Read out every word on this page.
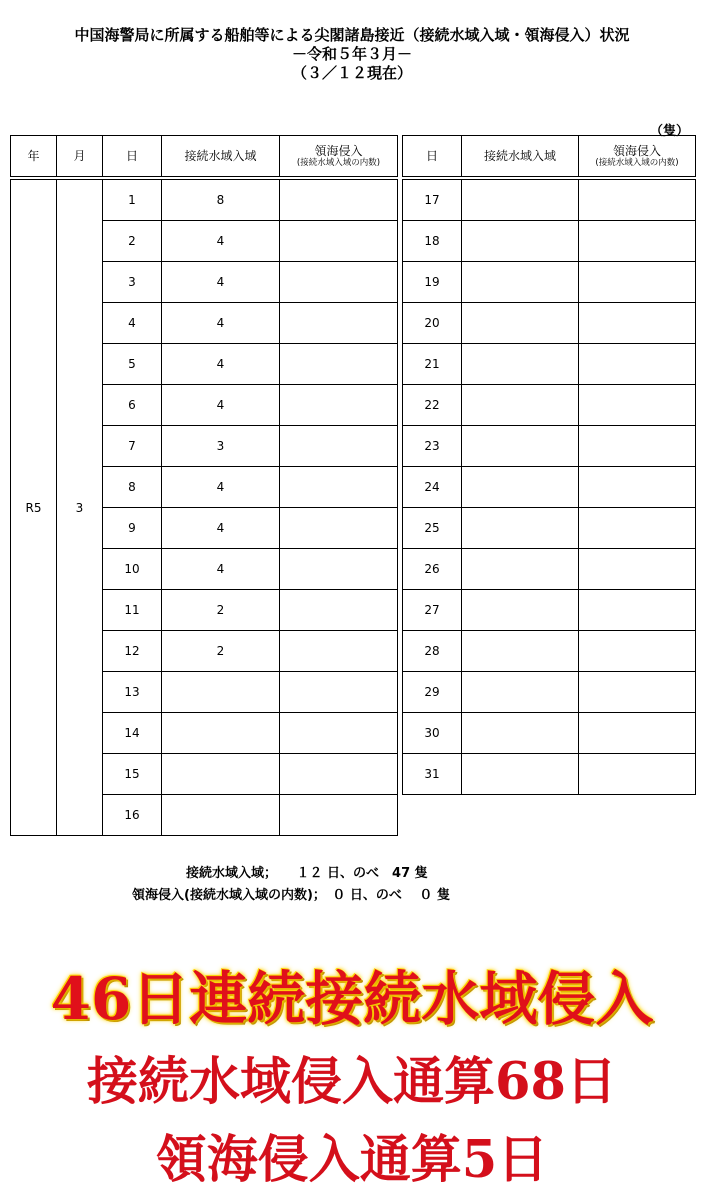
中国海警局に所属する船舶等による尖閣諸島接近（接続水域入域・領海侵入）状況
－令和５年３月－
（３／１２現在）
（隻）
年	月	日	接続水域入域	領海侵入
(接続水域入域の内数)

R5	3	1	8	
		2	4	
		3	4	
		4	4	
		5	4	
		6	4	
		7	3	
		8	4	
		9	4	
		10	4	
		11	2	
		12	2	
		13		
		14		
		15		
		16		
日	接続水域入域	領海侵入
(接続水域入域の内数)

17		
18		
19		
20		
21		
22		
23		
24		
25		
26		
27		
28		
29		
30		
31		
接続水域入域；　　１２ 日、のべ　47 隻
領海侵入(接続水域入域の内数)；　０ 日、のべ　 ０ 隻
46日連続接続水域侵入
接続水域侵入通算68日
領海侵入通算5日
